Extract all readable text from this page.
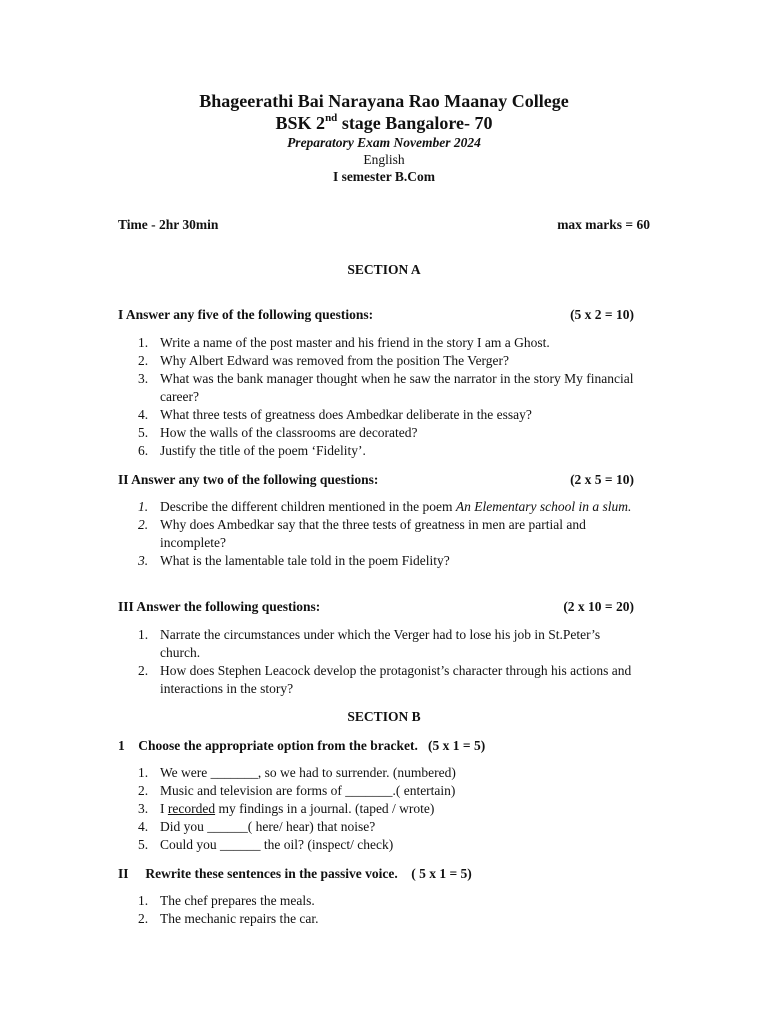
Bhageerathi Bai Narayana Rao Maanay College
BSK 2nd stage Bangalore- 70
Preparatory Exam November 2024
English
I semester B.Com
Time - 2hr 30min	max marks = 60
SECTION A
I Answer any five of the following questions:	(5 x 2 = 10)
1. Write a name of the post master and his friend in the story I am a Ghost.
2. Why Albert Edward was removed from the position The Verger?
3. What was the bank manager thought when he saw the narrator in the story My financial career?
4. What three tests of greatness does Ambedkar deliberate in the essay?
5. How the walls of the classrooms are decorated?
6. Justify the title of the poem ‘Fidelity’.
II Answer any two of the following questions:	(2 x 5 = 10)
1. Describe the different children mentioned in the poem An Elementary school in a slum.
2. Why does Ambedkar say that the three tests of greatness in men are partial and incomplete?
3. What is the lamentable tale told in the poem Fidelity?
III Answer the following questions:	(2 x 10 = 20)
1. Narrate the circumstances under which the Verger had to lose his job in St.Peter’s church.
2. How does Stephen Leacock develop the protagonist’s character through his actions and interactions in the story?
SECTION B
1    Choose the appropriate option from the bracket. (5 x 1 = 5)
1. We were _______, so we had to surrender. (numbered)
2. Music and television are forms of _______.( entertain)
3. I recorded my findings in a journal. (taped / wrote)
4. Did you ______( here/ hear) that noise?
5. Could you ______ the oil? (inspect/ check)
II     Rewrite these sentences in the passive voice. ( 5 x 1 = 5)
1. The chef prepares the meals.
2. The mechanic repairs the car.
